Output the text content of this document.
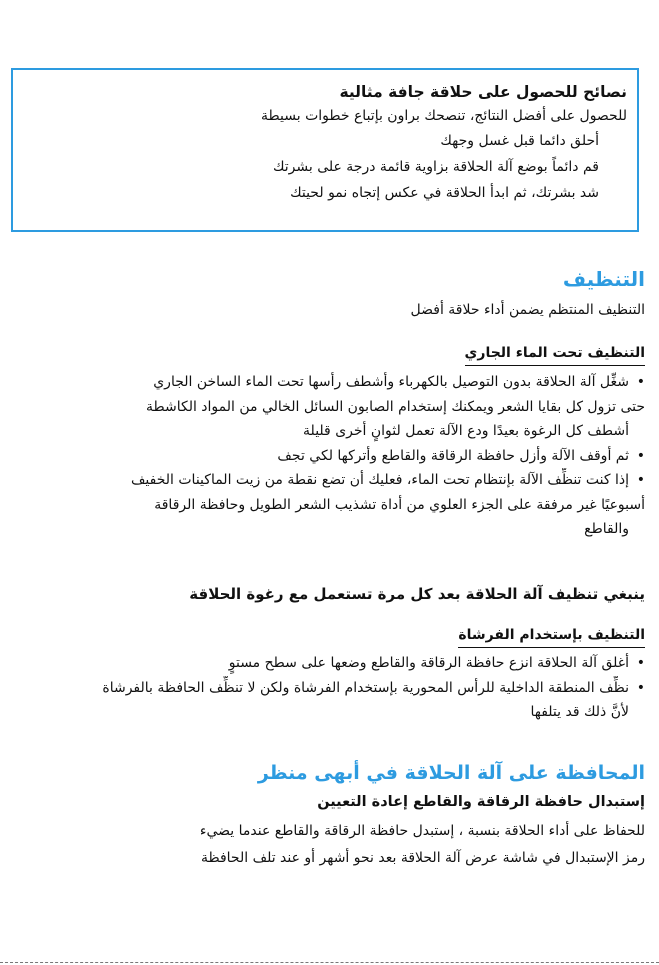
نصائح للحصول على حلاقة جافة مثالية

للحصول على أفضل النتائج، تنصحك براون بإتباع خطوات بسيطة

أحلق دائما قبل غسل وجهك
قم دائماً بوضع آلة الحلاقة بزاوية قائمة درجة على بشرتك
شد بشرتك، ثم ابدأ الحلاقة في عكس إتجاه نمو لحيتك
التنظيف

التنظيف المنتظم يضمن أداء حلاقة أفضل

التنظيف تحت الماء الجاري
• شغِّل آلة الحلاقة بدون التوصيل بالكهرباء وأشطف رأسها تحت الماء الساخن الجاري
حتى تزول كل بقايا الشعر ويمكنك إستخدام الصابون السائل الخالي من المواد الكاشطة
أشطف كل الرغوة بعيدًا ودع الآلة تعمل لثوانٍ أخرى قليلة
• ثم أوقف الآلة وأزل حافظة الرقاقة والقاطع وأتركها لكي تجف
• إذا كنت تنظِّف الآلة بإنتظام تحت الماء، فعليك أن تضع نقطة من زيت الماكينات الخفيف
أسبوعيًا غير مرفقة على الجزء العلوي من أداة تشذيب الشعر الطويل وحافظة الرقاقة
والقاطع

ينبغي تنظيف آلة الحلاقة بعد كل مرة تستعمل مع رغوة الحلاقة

التنظيف بإستخدام الفرشاة
• أغلق آلة الحلاقة انزع حافظة الرقاقة والقاطع وضعها على سطح مستوٍ
• نظِّف المنطقة الداخلية للرأس المحورية بإستخدام الفرشاة ولكن لا تنظِّف الحافظة بالفرشاة
لأنَّ ذلك قد يتلفها
المحافظة على آلة الحلاقة في أبهى منظر

إستبدال حافظة الرقاقة والقاطع إعادة التعيين

للحفاظ على أداء الحلاقة بنسبة ، إستبدل حافظة الرقاقة والقاطع عندما يضيء
رمز الإستبدال في شاشة عرض آلة الحلاقة بعد نحو أشهر أو عند تلف الحافظة
